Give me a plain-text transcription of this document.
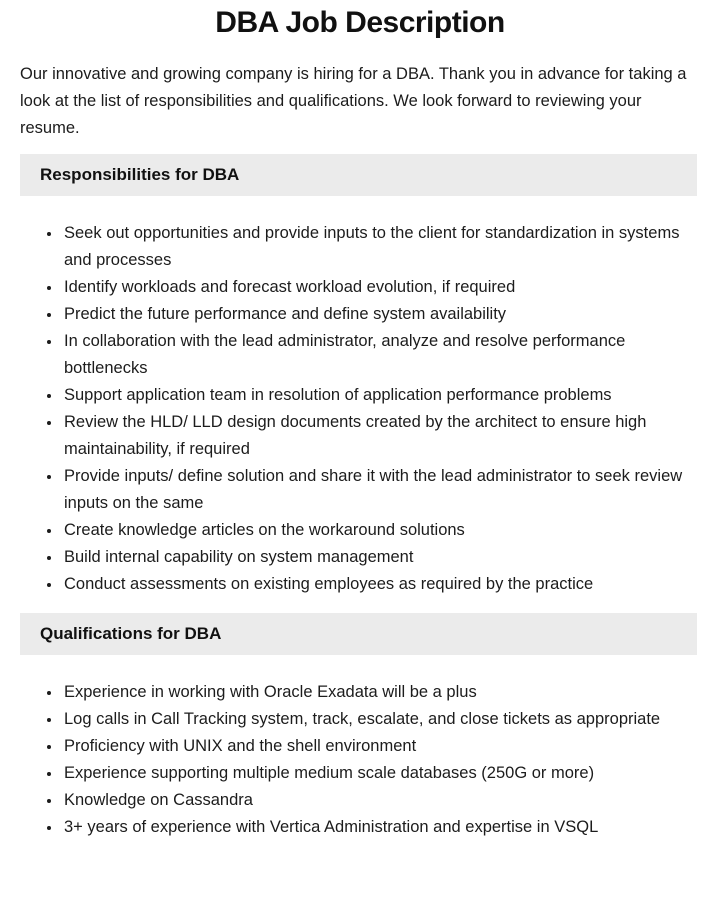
DBA Job Description

Our innovative and growing company is hiring for a DBA. Thank you in advance for taking a look at the list of responsibilities and qualifications. We look forward to reviewing your resume.

Responsibilities for DBA
• Seek out opportunities and provide inputs to the client for standardization in systems and processes
• Identify workloads and forecast workload evolution, if required
• Predict the future performance and define system availability
• In collaboration with the lead administrator, analyze and resolve performance bottlenecks
• Support application team in resolution of application performance problems
• Review the HLD/ LLD design documents created by the architect to ensure high maintainability, if required
• Provide inputs/ define solution and share it with the lead administrator to seek review inputs on the same
• Create knowledge articles on the workaround solutions
• Build internal capability on system management
• Conduct assessments on existing employees as required by the practice
Qualifications for DBA
• Experience in working with Oracle Exadata will be a plus
• Log calls in Call Tracking system, track, escalate, and close tickets as appropriate
• Proficiency with UNIX and the shell environment
• Experience supporting multiple medium scale databases (250G or more)
• Knowledge on Cassandra
• 3+ years of experience with Vertica Administration and expertise in VSQL
